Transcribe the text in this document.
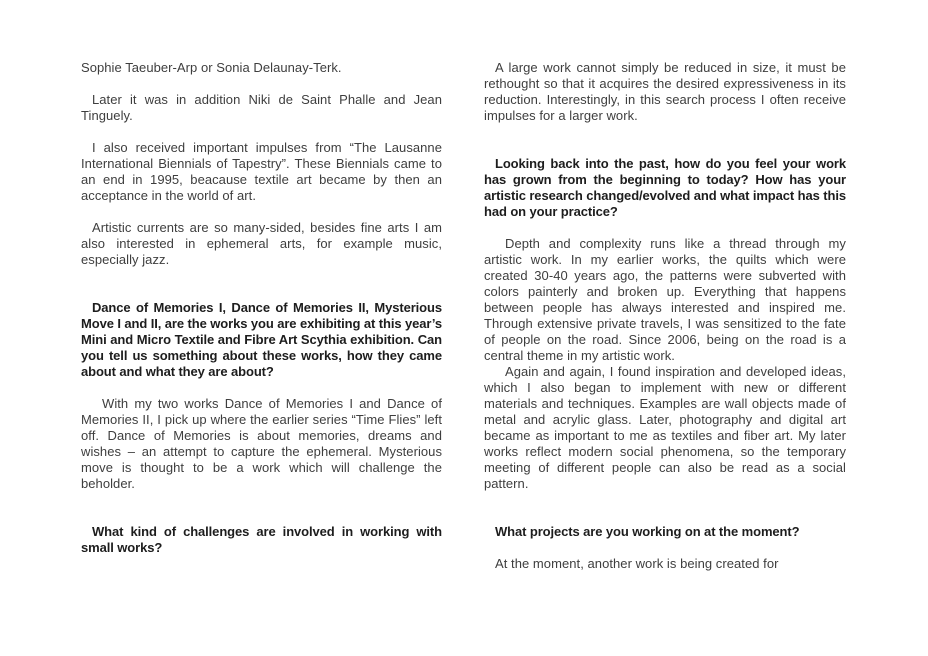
Sophie Taeuber-Arp or Sonia Delaunay-Terk.

Later it was in addition Niki de Saint Phalle and Jean Tinguely.

I also received important impulses from “The Lausanne International Biennials of Tapestry”. These Biennials came to an end in 1995, beacause textile art became by then an acceptance in the world of art.

Artistic currents are so many-sided, besides fine arts I am also interested in ephemeral arts, for example music, especially jazz.

Dance of Memories I, Dance of Memories II, Mysterious Move I and II, are the works you are exhibiting at this year’s Mini and Micro Textile and Fibre Art Scythia exhibition. Can you tell us something about these works, how they came about and what they are about?

With my two works Dance of Memories I and Dance of Memories II, I pick up where the earlier series “Time Flies” left off. Dance of Memories is about memories, dreams and wishes – an attempt to capture the ephemeral. Mysterious move is thought to be a work which will challenge the beholder.

What kind of challenges are involved in working with small works?

A large work cannot simply be reduced in size, it must be rethought so that it acquires the desired expressiveness in its reduction. Interestingly, in this search process I often receive impulses for a larger work.

Looking back into the past, how do you feel your work has grown from the beginning to today? How has your artistic research changed/evolved and what impact has this had on your practice?

Depth and complexity runs like a thread through my artistic work. In my earlier works, the quilts which were created 30-40 years ago, the patterns were subverted with colors painterly and broken up. Everything that happens between people has always interested and inspired me. Through extensive private travels, I was sensitized to the fate of people on the road. Since 2006, being on the road is a central theme in my artistic work.

Again and again, I found inspiration and developed ideas, which I also began to implement with new or different materials and techniques. Examples are wall objects made of metal and acrylic glass. Later, photography and digital art became as important to me as textiles and fiber art. My later works reflect modern social phenomena, so the temporary meeting of different people can also be read as a social pattern.

What projects are you working on at the moment?

At the moment, another work is being created for
